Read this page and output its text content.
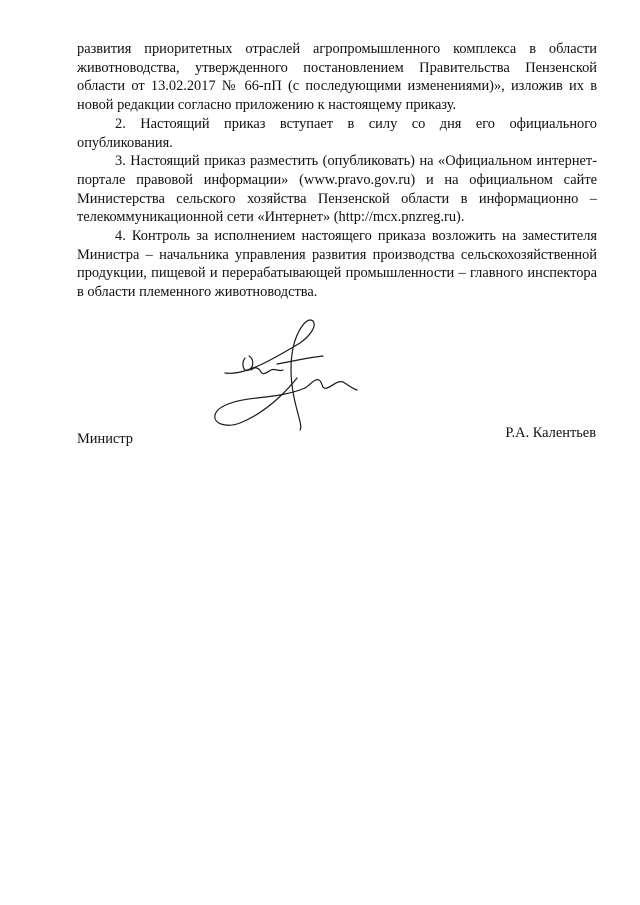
развития приоритетных отраслей агропромышленного комплекса в области животноводства, утвержденного постановлением Правительства Пензенской области от 13.02.2017 № 66-пП (с последующими изменениями)», изложив их в новой редакции согласно приложению к настоящему приказу.

2. Настоящий приказ вступает в силу со дня его официального опубликования.

3. Настоящий приказ разместить (опубликовать) на «Официальном интернет-портале правовой информации» (www.pravo.gov.ru) и на официальном сайте Министерства сельского хозяйства Пензенской области в информационно – телекоммуникационной сети «Интернет» (http://mcx.pnzreg.ru).

4. Контроль за исполнением настоящего приказа возложить на заместителя Министра – начальника управления развития производства сельскохозяйственной продукции, пищевой и перерабатывающей промышленности – главного инспектора в области племенного животноводства.

Министр	Р.А. Калентьев
